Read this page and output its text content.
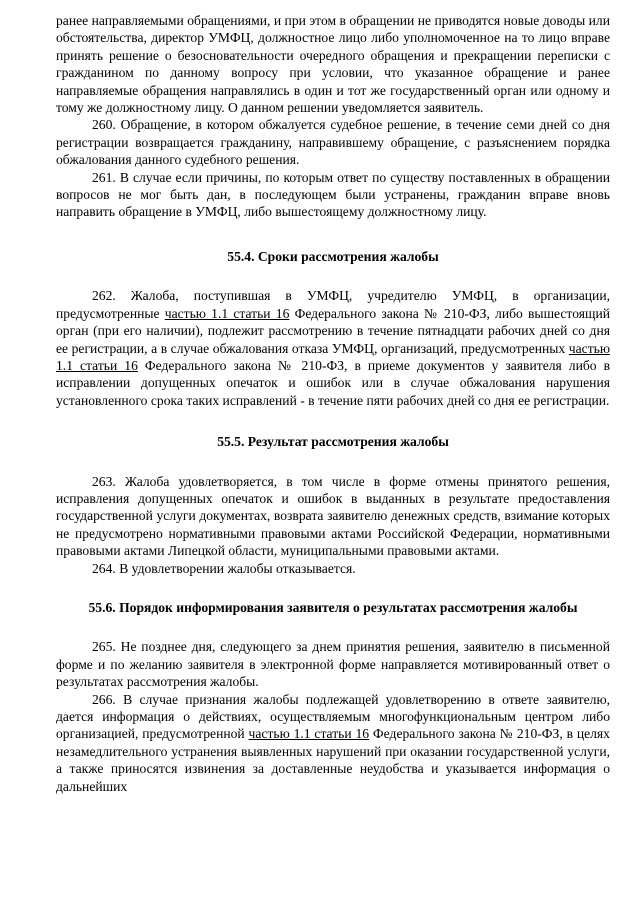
ранее направляемыми обращениями, и при этом в обращении не приводятся новые доводы или обстоятельства, директор УМФЦ, должностное лицо либо уполномоченное на то лицо вправе принять решение о безосновательности очередного обращения и прекращении переписки с гражданином по данному вопросу при условии, что указанное обращение и ранее направляемые обращения направлялись в один и тот же государственный орган или одному и тому же должностному лицу. О данном решении уведомляется заявитель.

260. Обращение, в котором обжалуется судебное решение, в течение семи дней со дня регистрации возвращается гражданину, направившему обращение, с разъяснением порядка обжалования данного судебного решения.

261. В случае если причины, по которым ответ по существу поставленных в обращении вопросов не мог быть дан, в последующем были устранены, гражданин вправе вновь направить обращение в УМФЦ, либо вышестоящему должностному лицу.

55.4. Сроки рассмотрения жалобы

262. Жалоба, поступившая в УМФЦ, учредителю УМФЦ, в организации, предусмотренные частью 1.1 статьи 16 Федерального закона № 210-ФЗ, либо вышестоящий орган (при его наличии), подлежит рассмотрению в течение пятнадцати рабочих дней со дня ее регистрации, а в случае обжалования отказа УМФЦ, организаций, предусмотренных частью 1.1 статьи 16 Федерального закона № 210-ФЗ, в приеме документов у заявителя либо в исправлении допущенных опечаток и ошибок или в случае обжалования нарушения установленного срока таких исправлений - в течение пяти рабочих дней со дня ее регистрации.

55.5. Результат рассмотрения жалобы

263. Жалоба удовлетворяется, в том числе в форме отмены принятого решения, исправления допущенных опечаток и ошибок в выданных в результате предоставления государственной услуги документах, возврата заявителю денежных средств, взимание которых не предусмотрено нормативными правовыми актами Российской Федерации, нормативными правовыми актами Липецкой области, муниципальными правовыми актами.

264. В удовлетворении жалобы отказывается.

55.6. Порядок информирования заявителя о результатах рассмотрения жалобы

265. Не позднее дня, следующего за днем принятия решения, заявителю в письменной форме и по желанию заявителя в электронной форме направляется мотивированный ответ о результатах рассмотрения жалобы.

266. В случае признания жалобы подлежащей удовлетворению в ответе заявителю, дается информация о действиях, осуществляемым многофункциональным центром либо организацией, предусмотренной частью 1.1 статьи 16 Федерального закона № 210-ФЗ, в целях незамедлительного устранения выявленных нарушений при оказании государственной услуги, а также приносятся извинения за доставленные неудобства и указывается информация о дальнейших
